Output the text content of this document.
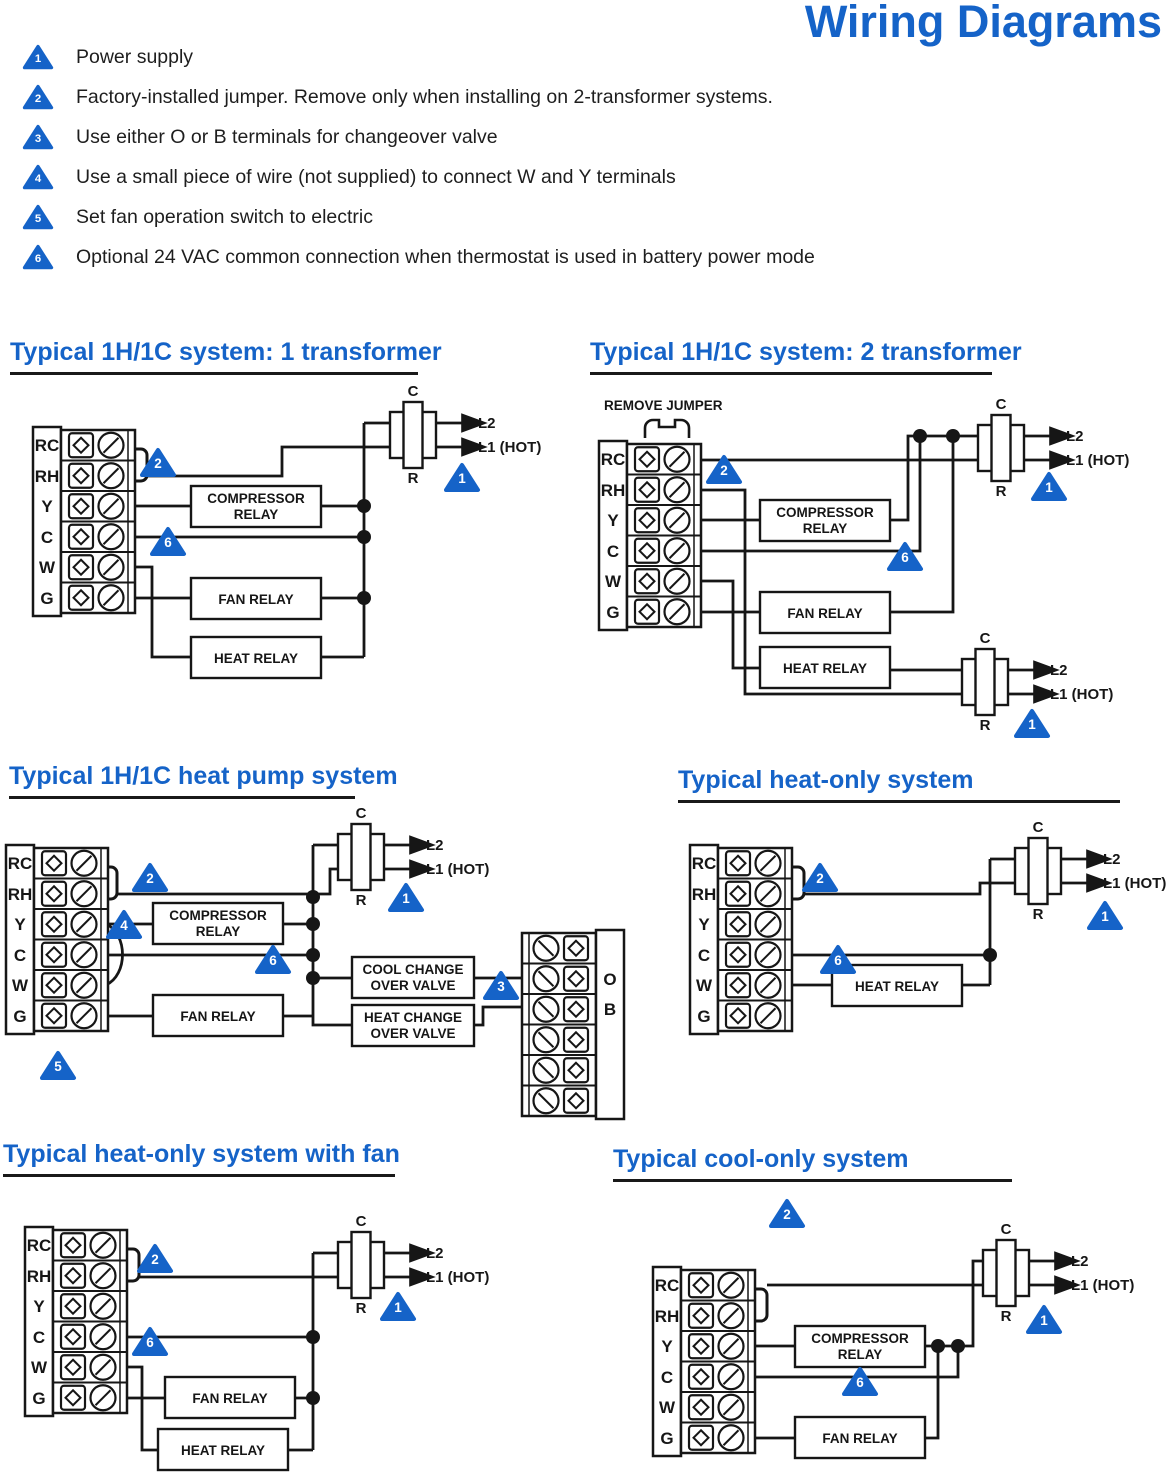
RC
RH
Y
C
W
G
COMPRESSOR
RELAY
FAN RELAY
HEAT RELAY
C
R
L2
L1 (HOT)
2
6
1
REMOVE JUMPER
RC
RH
Y
C
W
G
COMPRESSOR
RELAY
FAN RELAY
HEAT RELAY
C
R
L2
L1 (HOT)
C
R
L2
L1 (HOT)
2
6
1
1
RC
RH
Y
C
W
G
COMPRESSOR
RELAY
FAN RELAY
COOL CHANGE
OVER VALVE
HEAT CHANGE
OVER VALVE
C
R
L2
L1 (HOT)
O
B
2
4
6
3
5
1
RC
RH
Y
C
W
G
HEAT RELAY
C
R
L2
L1 (HOT)
2
6
1
RC
RH
Y
C
W
G	FAN RELAY
HEAT RELAY
C
R
L2
L1 (HOT)
2
6
1
RC
RH
Y
C
W
G
COMPRESSOR
RELAY
FAN RELAY
C
R
L2
L1 (HOT)
2
6
1
Wiring Diagrams
1 Power supply
2 Factory-installed jumper. Remove only when installing on 2-transformer systems.
3 Use either O or B terminals for changeover valve
4 Use a small piece of wire (not supplied) to connect W and Y terminals
5 Set fan operation switch to electric
6 Optional 24 VAC common connection when thermostat is used in battery power mode
Typical 1H/1C system: 1 transformer	Typical 1H/1C system: 2 transformer
Typical 1H/1C heat pump system	Typical heat-only system
Typical heat-only system with fan	Typical cool-only system
